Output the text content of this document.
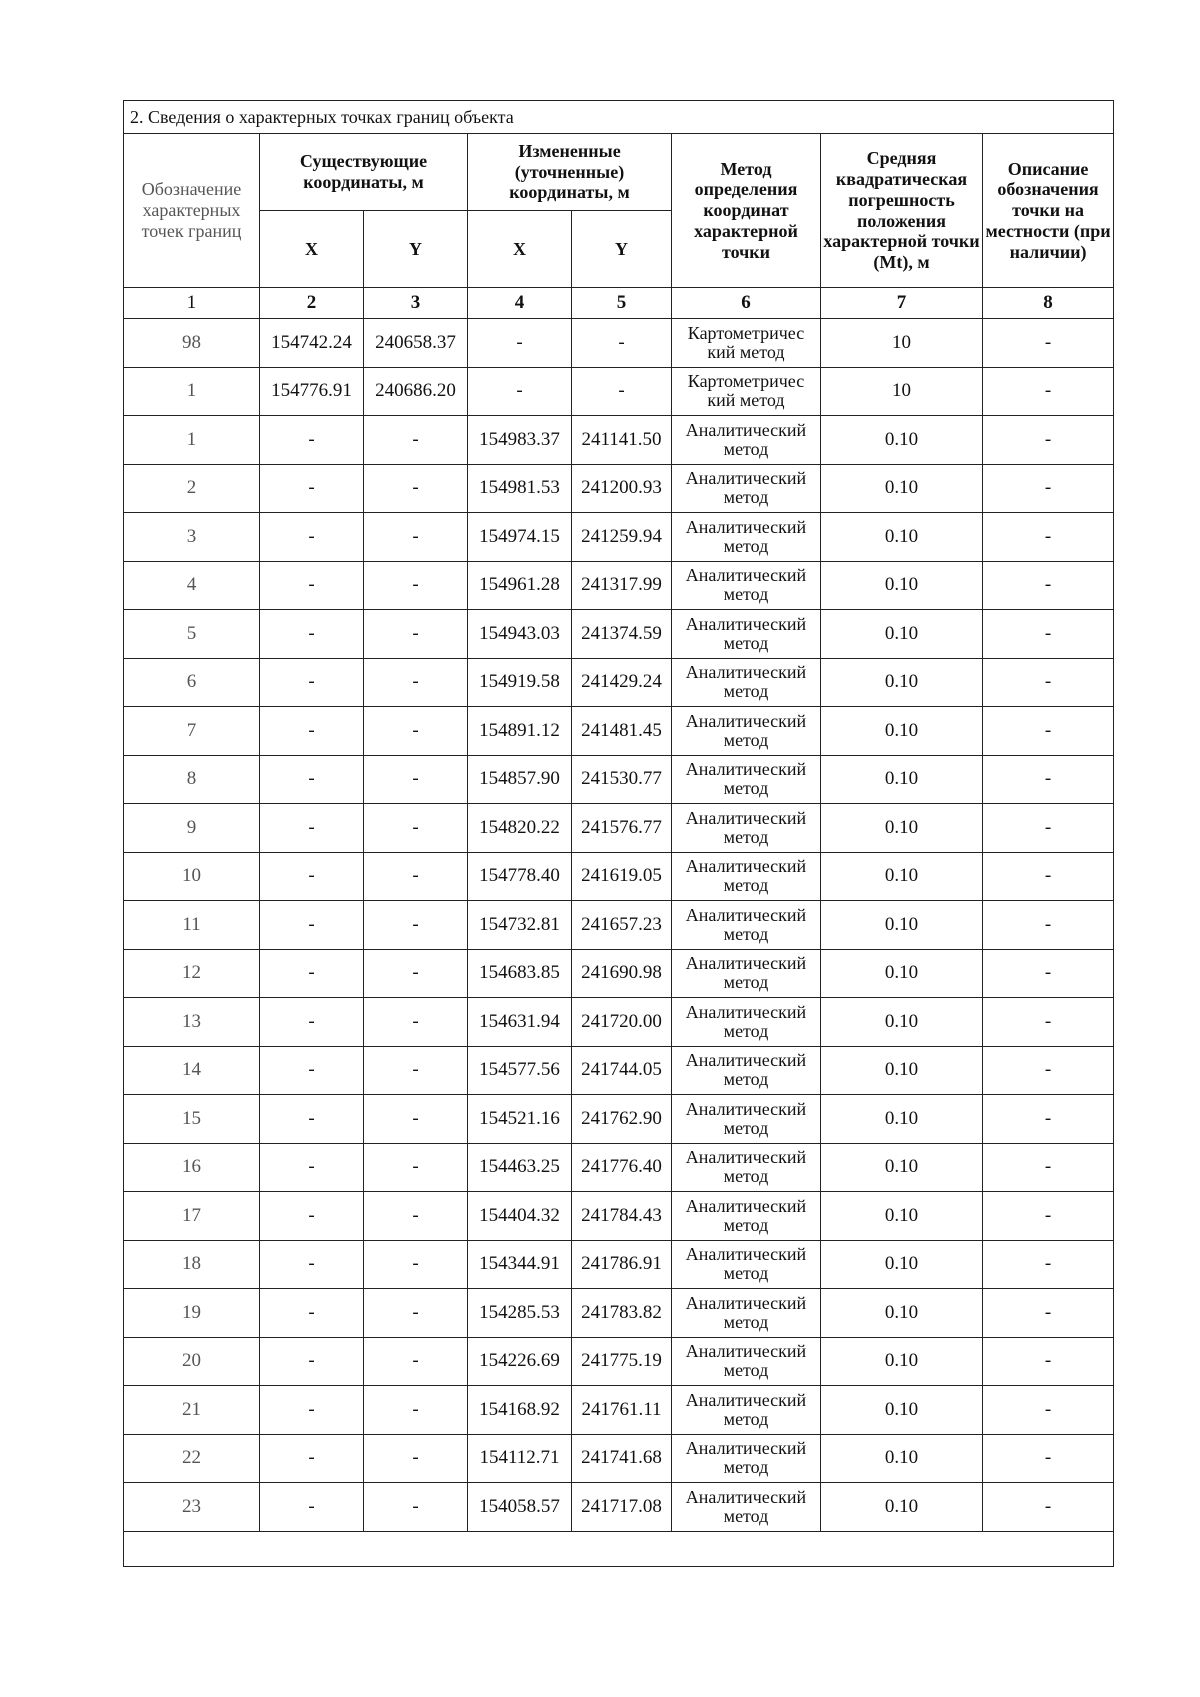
2. Сведения о характерных точках границ объекта							
Обозначение характерных точек границ	Существующие координаты, м		Измененные (уточненные) координаты, м		Метод определения координат характерной точки	Средняя квадратическая погрешность положения характерной точки (Mt), м	Описание обозначения точки на местности (при наличии)
	X	Y	X	Y			
1	2	3	4	5	6	7	8
98	154742.24	240658.37	-	-	Картометричес кий метод	10	-
1	154776.91	240686.20	-	-	Картометричес кий метод	10	-
1	-	-	154983.37	241141.50	Аналитический метод	0.10	-
2	-	-	154981.53	241200.93	Аналитический метод	0.10	-
3	-	-	154974.15	241259.94	Аналитический метод	0.10	-
4	-	-	154961.28	241317.99	Аналитический метод	0.10	-
5	-	-	154943.03	241374.59	Аналитический метод	0.10	-
6	-	-	154919.58	241429.24	Аналитический метод	0.10	-
7	-	-	154891.12	241481.45	Аналитический метод	0.10	-
8	-	-	154857.90	241530.77	Аналитический метод	0.10	-
9	-	-	154820.22	241576.77	Аналитический метод	0.10	-
10	-	-	154778.40	241619.05	Аналитический метод	0.10	-
11	-	-	154732.81	241657.23	Аналитический метод	0.10	-
12	-	-	154683.85	241690.98	Аналитический метод	0.10	-
13	-	-	154631.94	241720.00	Аналитический метод	0.10	-
14	-	-	154577.56	241744.05	Аналитический метод	0.10	-
15	-	-	154521.16	241762.90	Аналитический метод	0.10	-
16	-	-	154463.25	241776.40	Аналитический метод	0.10	-
17	-	-	154404.32	241784.43	Аналитический метод	0.10	-
18	-	-	154344.91	241786.91	Аналитический метод	0.10	-
19	-	-	154285.53	241783.82	Аналитический метод	0.10	-
20	-	-	154226.69	241775.19	Аналитический метод	0.10	-
21	-	-	154168.92	241761.11	Аналитический метод	0.10	-
22	-	-	154112.71	241741.68	Аналитический метод	0.10	-
23	-	-	154058.57	241717.08	Аналитический метод	0.10	-
